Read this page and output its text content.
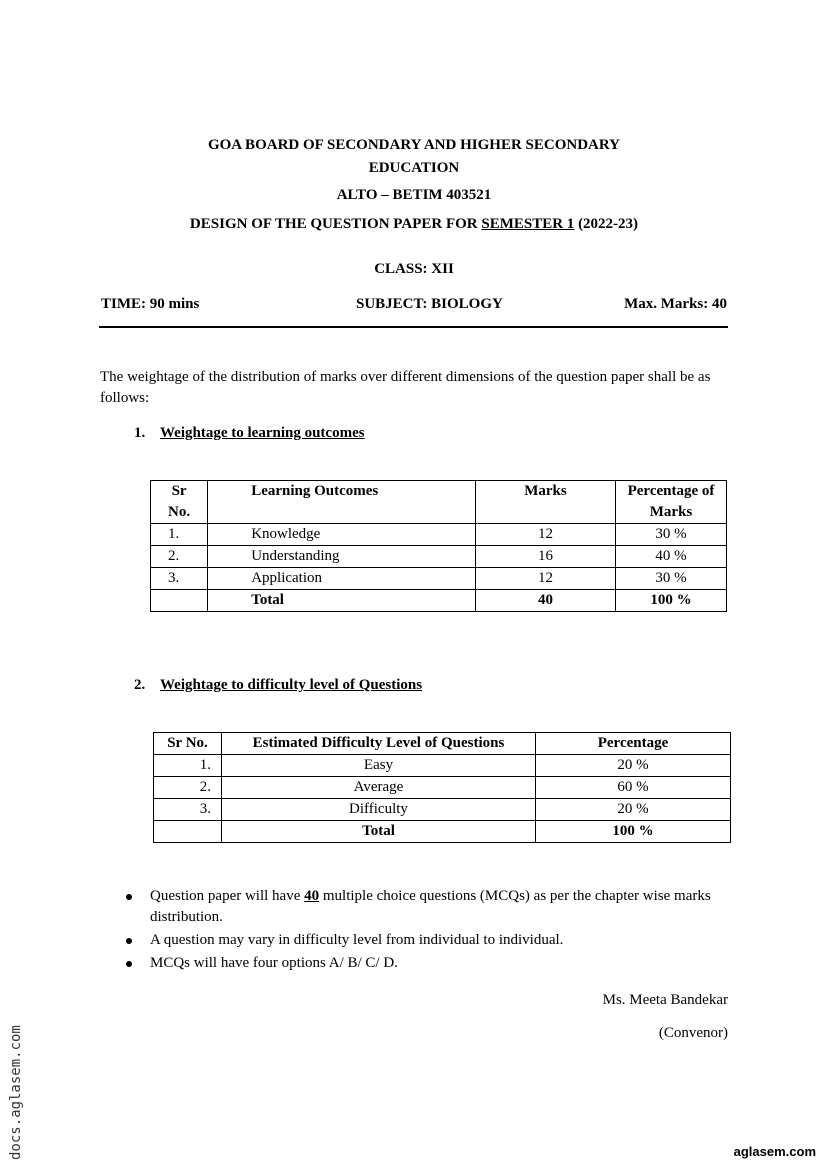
GOA BOARD OF SECONDARY AND HIGHER SECONDARY
EDUCATION
ALTO – BETIM 403521
DESIGN OF THE QUESTION PAPER FOR SEMESTER 1 (2022-23)
CLASS: XII
TIME: 90 mins	SUBJECT: BIOLOGY	Max. Marks: 40
The weightage of the distribution of marks over different dimensions of the question paper shall be as follows:
1. Weightage to learning outcomes
Sr No.	Learning Outcomes	Marks	Percentage of Marks

1.	Knowledge	12	30 %
2.	Understanding	16	40 %
3.	Application	12	30 %
	Total	40	100 %
2. Weightage to difficulty level of Questions
Sr No.	Estimated Difficulty Level of Questions	Percentage
1.	Easy	20 %
2.	Average	60 %
3.	Difficulty	20 %
	Total	100 %
Question paper will have 40 multiple choice questions (MCQs) as per the chapter wise marks distribution.
A question may vary in difficulty level from individual to individual.
MCQs will have four options A/ B/ C/ D.
Ms. Meeta Bandekar
(Convenor)
docs.aglasem.com	aglasem.com
